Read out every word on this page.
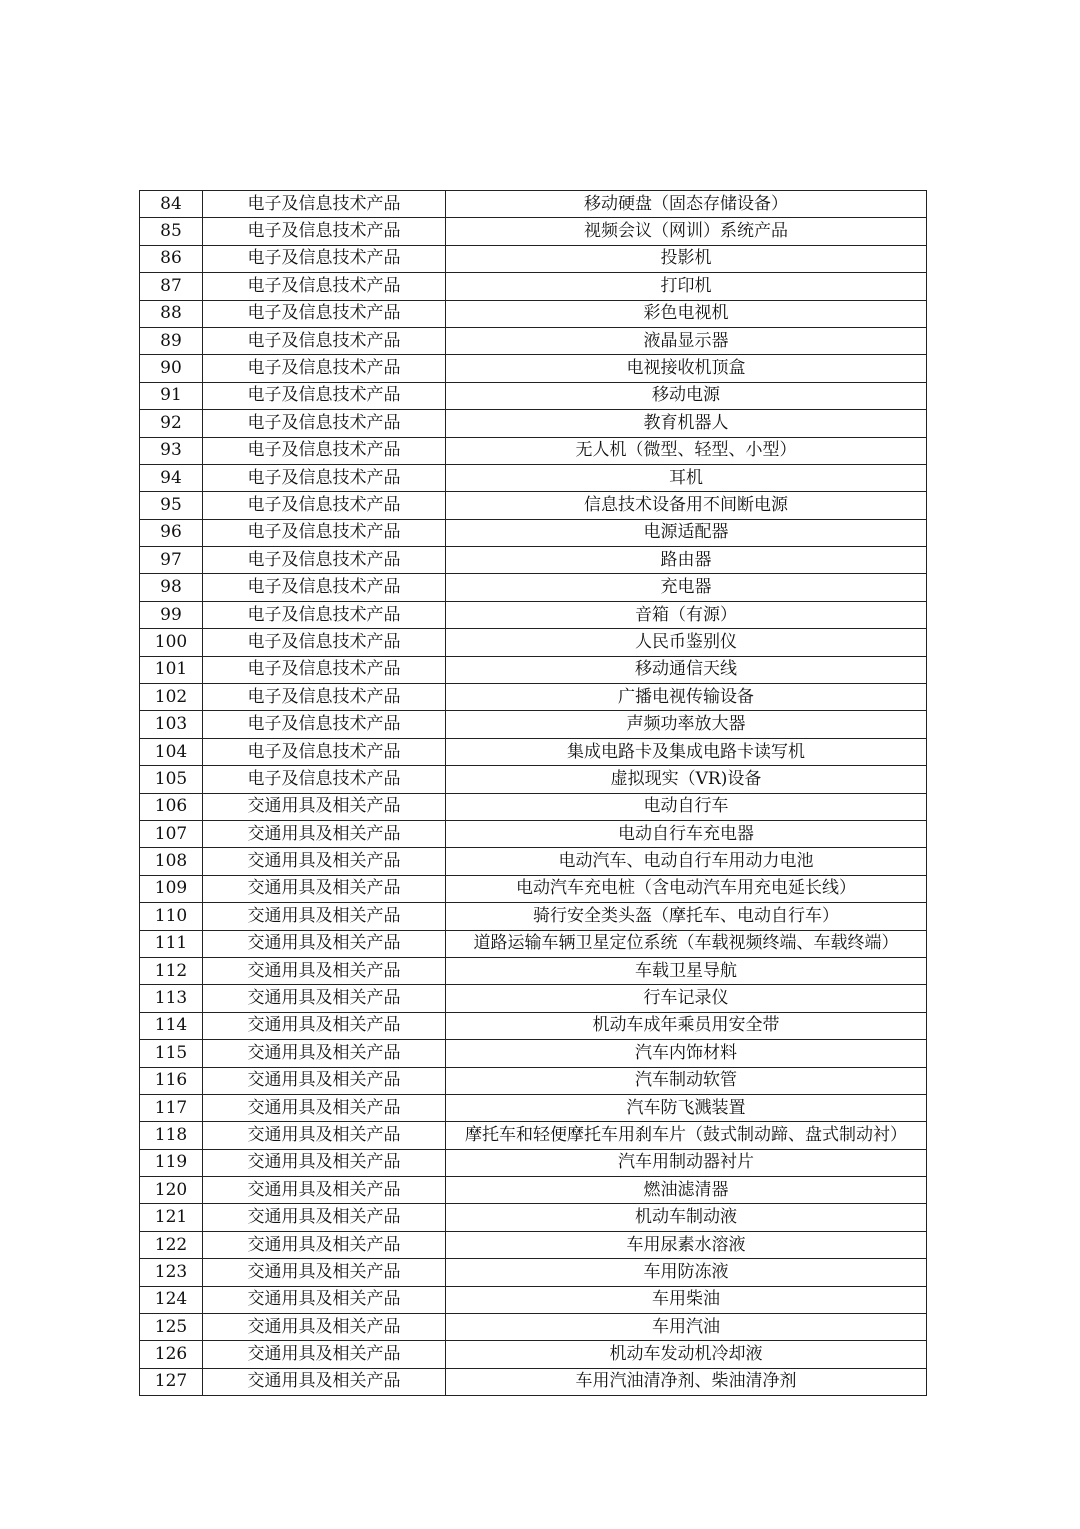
84	电子及信息技术产品	移动硬盘（固态存储设备）
85	电子及信息技术产品	视频会议（网训）系统产品
86	电子及信息技术产品	投影机
87	电子及信息技术产品	打印机
88	电子及信息技术产品	彩色电视机
89	电子及信息技术产品	液晶显示器
90	电子及信息技术产品	电视接收机顶盒
91	电子及信息技术产品	移动电源
92	电子及信息技术产品	教育机器人
93	电子及信息技术产品	无人机（微型、轻型、小型）
94	电子及信息技术产品	耳机
95	电子及信息技术产品	信息技术设备用不间断电源
96	电子及信息技术产品	电源适配器
97	电子及信息技术产品	路由器
98	电子及信息技术产品	充电器
99	电子及信息技术产品	音箱（有源）
100	电子及信息技术产品	人民币鉴别仪
101	电子及信息技术产品	移动通信天线
102	电子及信息技术产品	广播电视传输设备
103	电子及信息技术产品	声频功率放大器
104	电子及信息技术产品	集成电路卡及集成电路卡读写机
105	电子及信息技术产品	虚拟现实（VR)设备
106	交通用具及相关产品	电动自行车
107	交通用具及相关产品	电动自行车充电器
108	交通用具及相关产品	电动汽车、电动自行车用动力电池
109	交通用具及相关产品	电动汽车充电桩（含电动汽车用充电延长线）
110	交通用具及相关产品	骑行安全类头盔（摩托车、电动自行车）
111	交通用具及相关产品	道路运输车辆卫星定位系统（车载视频终端、车载终端）
112	交通用具及相关产品	车载卫星导航
113	交通用具及相关产品	行车记录仪
114	交通用具及相关产品	机动车成年乘员用安全带
115	交通用具及相关产品	汽车内饰材料
116	交通用具及相关产品	汽车制动软管
117	交通用具及相关产品	汽车防飞溅装置
118	交通用具及相关产品	摩托车和轻便摩托车用刹车片（鼓式制动蹄、盘式制动衬）
119	交通用具及相关产品	汽车用制动器衬片
120	交通用具及相关产品	燃油滤清器
121	交通用具及相关产品	机动车制动液
122	交通用具及相关产品	车用尿素水溶液
123	交通用具及相关产品	车用防冻液
124	交通用具及相关产品	车用柴油
125	交通用具及相关产品	车用汽油
126	交通用具及相关产品	机动车发动机冷却液
127	交通用具及相关产品	车用汽油清净剂、柴油清净剂
